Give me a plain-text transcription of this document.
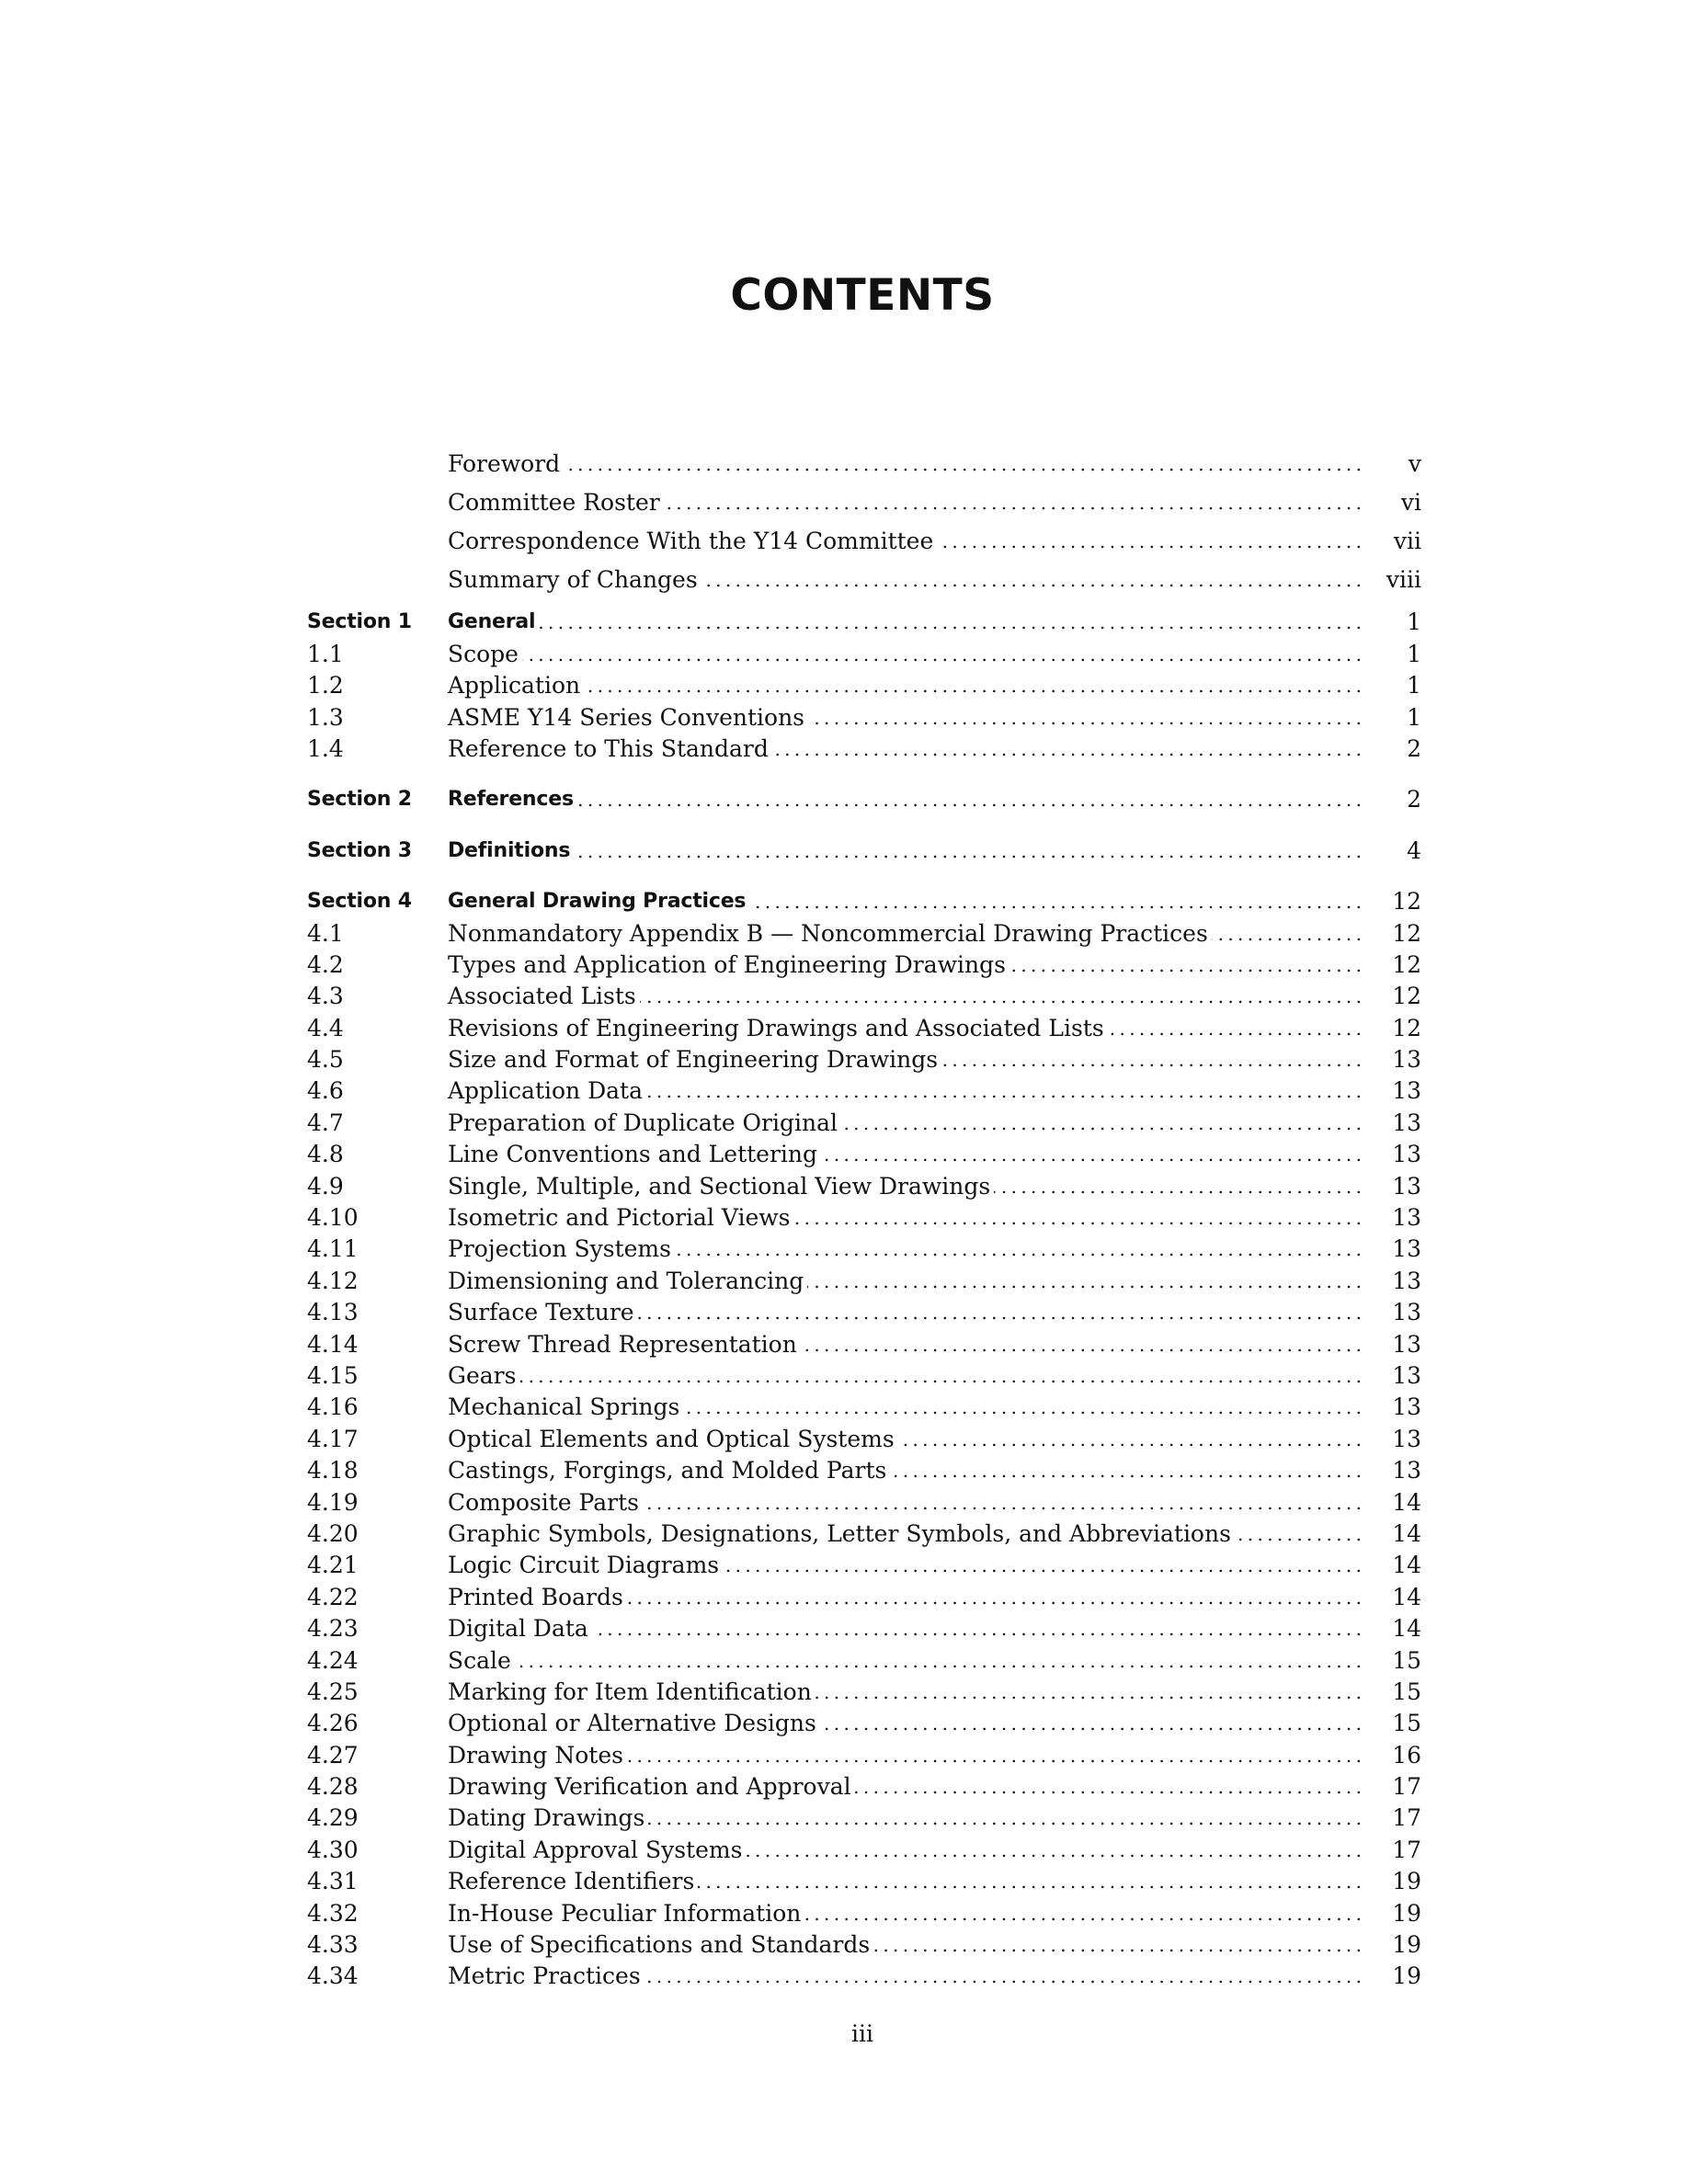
CONTENTS
Foreword . . .	v
Committee Roster . . .	vi
Correspondence With the Y14 Committee . . .	vii
Summary of Changes . . .	viii
Section 1	General . . .	1
1.1	Scope . . .	1
1.2	Application . . .	1
1.3	ASME Y14 Series Conventions . . .	1
1.4	Reference to This Standard . . .	2
Section 2	References . . .	2
Section 3	Definitions . . .	4
Section 4	General Drawing Practices . . .	12
4.1	Nonmandatory Appendix B — Noncommercial Drawing Practices . . .	12
4.2	Types and Application of Engineering Drawings . . .	12
4.3	Associated Lists . . .	12
4.4	Revisions of Engineering Drawings and Associated Lists . . .	12
4.5	Size and Format of Engineering Drawings . . .	13
4.6	Application Data . . .	13
4.7	Preparation of Duplicate Original . . .	13
4.8	Line Conventions and Lettering . . .	13
4.9	Single, Multiple, and Sectional View Drawings . . .	13
4.10	Isometric and Pictorial Views . . .	13
4.11	Projection Systems . . .	13
4.12	Dimensioning and Tolerancing . . .	13
4.13	Surface Texture . . .	13
4.14	Screw Thread Representation . . .	13
4.15	Gears . . .	13
4.16	Mechanical Springs . . .	13
4.17	Optical Elements and Optical Systems . . .	13
4.18	Castings, Forgings, and Molded Parts . . .	13
4.19	Composite Parts . . .	14
4.20	Graphic Symbols, Designations, Letter Symbols, and Abbreviations . . .	14
4.21	Logic Circuit Diagrams . . .	14
4.22	Printed Boards . . .	14
4.23	Digital Data . . .	14
4.24	Scale . . .	15
4.25	Marking for Item Identification . . .	15
4.26	Optional or Alternative Designs . . .	15
4.27	Drawing Notes . . .	16
4.28	Drawing Verification and Approval . . .	17
4.29	Dating Drawings . . .	17
4.30	Digital Approval Systems . . .	17
4.31	Reference Identifiers . . .	19
4.32	In-House Peculiar Information . . .	19
4.33	Use of Specifications and Standards . . .	19
4.34	Metric Practices . . .	19
iii
